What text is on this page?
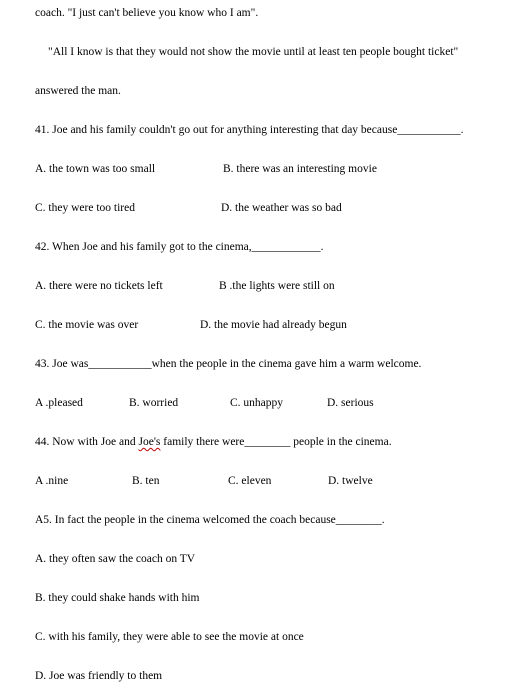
coach. "I just can't believe you know who I am".
"All I know is that they would not show the movie until at least ten people bought ticket"
answered the man.
41. Joe and his family couldn't go out for anything interesting that day because___________.
A. the town was too small	B. there was an interesting movie
C. they were too tired	D. the weather was so bad
42. When Joe and his family got to the cinema,____________.
A. there were no tickets left	B .the lights were still on
C. the movie was over	D. the movie had already begun
43. Joe was___________when the people in the cinema gave him a warm welcome.
A .pleased	B. worried	C. unhappy	D. serious
44. Now with Joe and Joe's family there were________ people in the cinema.
A .nine	B. ten	C. eleven	D. twelve
A5. In fact the people in the cinema welcomed the coach because________.
A. they often saw the coach on TV
B. they could shake hands with him
C. with his family, they were able to see the movie at once
D. Joe was friendly to them
